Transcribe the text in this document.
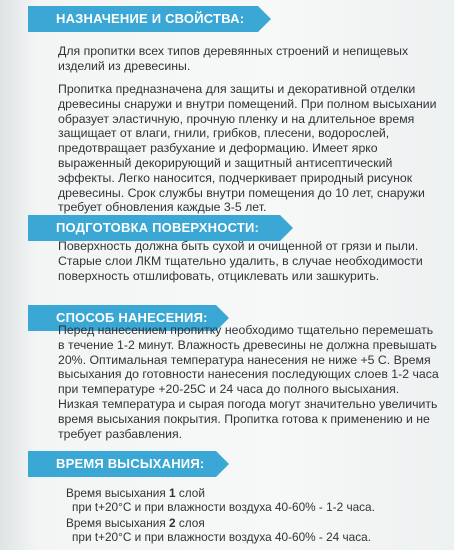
НАЗНАЧЕНИЕ И СВОЙСТВА:
Для пропитки всех типов деревянных строений и непищевых изделий из древесины.
Пропитка предназначена для защиты и декоративной отделки древесины снаружи и внутри помещений. При полном высыхании образует эластичную, прочную пленку и на длительное время защищает от влаги, гнили, грибков, плесени, водорослей, предотвращает разбухание и деформацию. Имеет ярко выраженный декорирующий и защитный антисептический эффекты. Легко наносится, подчеркивает природный рисунок древесины. Срок службы внутри помещения до 10 лет, снаружи требует обновления каждые 3-5 лет.
ПОДГОТОВКА ПОВЕРХНОСТИ:
Поверхность должна быть сухой и очищенной от грязи и пыли. Старые слои ЛКМ тщательно удалить, в случае необходимости поверхность отшлифовать, отциклевать или зашкурить.
СПОСОБ НАНЕСЕНИЯ:
Перед нанесением пропитку необходимо тщательно перемешать в течение 1-2 минут. Влажность древесины не должна превышать 20%. Оптимальная температура нанесения не ниже +5 С. Время высыхания до готовности нанесения последующих слоев 1-2 часа при температуре +20-25С и 24 часа до полного высыхания. Низкая температура и сырая погода могут значительно увеличить время высыхания покрытия. Пропитка готова к применению и не требует разбавления.
ВРЕМЯ ВЫСЫХАНИЯ:
Время высыхания 1 слой
при t+20°С и при влажности воздуха 40-60% - 1-2 часа.
Время высыхания 2 слоя
при t+20°С и при влажности воздуха 40-60% - 24 часа.
